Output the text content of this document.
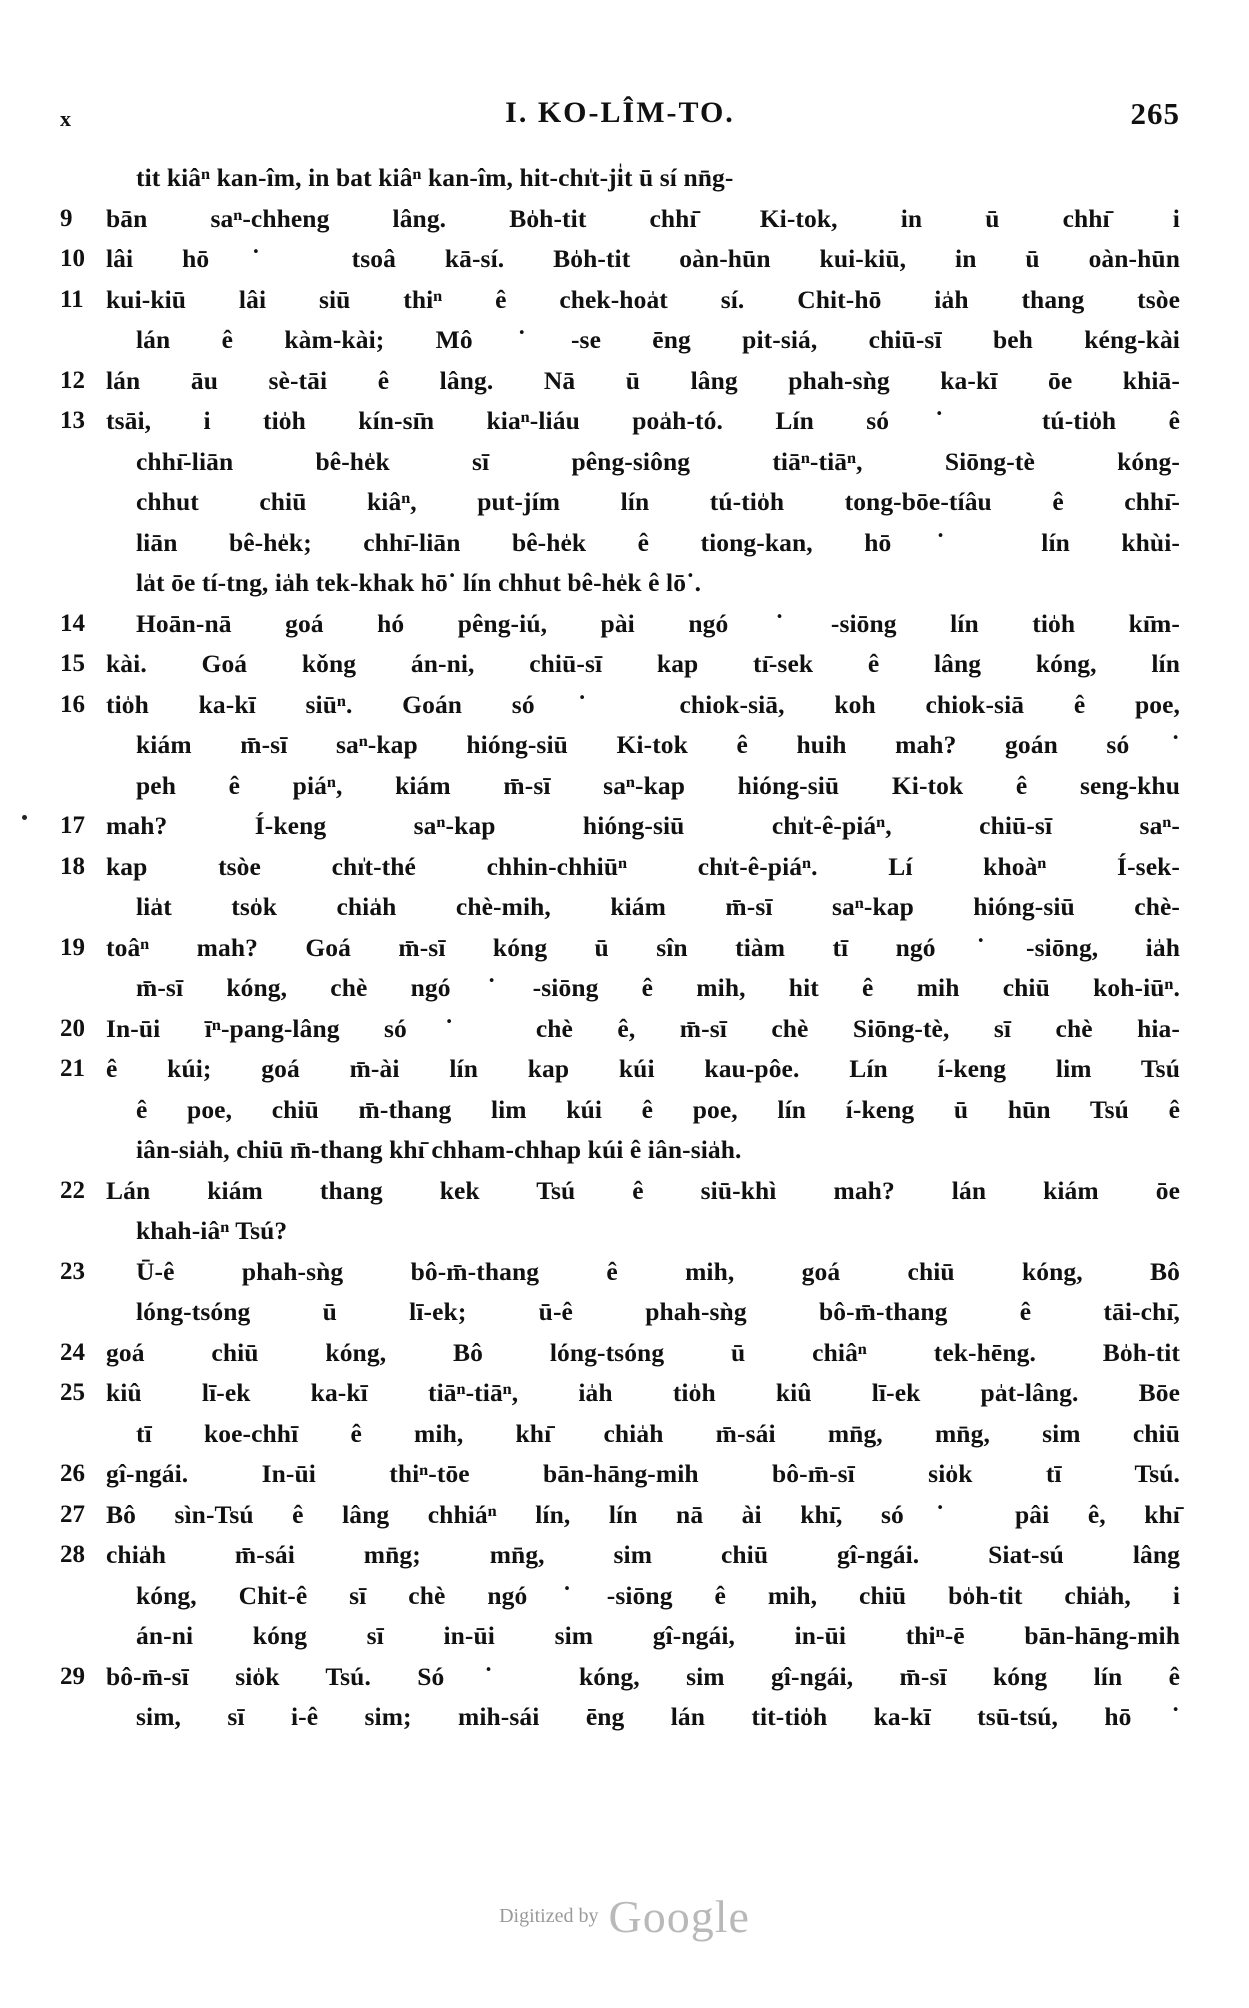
x	I. KO-LÎM-TO.	265
tit kiâⁿ kan-îm, in bat kiâⁿ kan-îm, hit-chı̍t-ji̍t ū sí nn̄g-
9	bān saⁿ-chheng lâng. Bo̍h-tit chhı̄ Ki-tok, in ū chhı̄ i
10 lâi hō˙ tsoâ kā-sí. Bo̍h-tit oàn-hūn kui-kiū, in ū oàn-hūn
11 kui-kiū lâi siū thiⁿ ê chek-hoa̍t sí. Chit-hō ia̍h thang tsòe
lán ê kàm-kài; Mô˙-se ēng pit-siá, chiū-sī beh kéng-kài
12 lán āu sè-tāi ê lâng. Nā ū lâng phah-sǹg ka-kī ōe khiā-
13 tsāi, i tio̍h kín-sı̄n kiaⁿ-liáu poa̍h-tó. Lín só˙ tú-tio̍h ê
chhı̄-liān bê-he̍k sī pêng-siông tiāⁿ-tiāⁿ, Siōng-tè kóng-
chhut chiū kiâⁿ, put-jím lín tú-tio̍h tong-bōe-tíâu ê chhı̄-
liān bê-he̍k; chhı̄-liān bê-he̍k ê tiong-kan, hō˙ lín khùi-
la̍t ōe tí-tng, ia̍h tek-khak hō˙ lín chhut bê-he̍k ê lō˙.
14	Hoān-nā goá hó pêng-iú, pài ngó˙-siōng lín tio̍h kı̄m-
15 kài. Goá kǒng án-ni, chiū-sī kap tı̄-sek ê lâng kóng, lín
16 tio̍h ka-kī siūⁿ. Goán só˙ chiok-siā, koh chiok-siā ê poe,
kiám m̄-sī saⁿ-kap hióng-siū Ki-tok ê huih mah? goán só˙
peh ê piáⁿ, kiám m̄-sī saⁿ-kap hióng-siū Ki-tok ê seng-khu
17 mah? Í-keng saⁿ-kap hióng-siū chı̍t-ê-piáⁿ, chiū-sī saⁿ-
18 kap tsòe chı̍t-thé chhin-chhiūⁿ chı̍t-ê-piáⁿ. Lí khoàⁿ Í-sek-
lia̍t tso̍k chia̍h chè-mih, kiám m̄-sī saⁿ-kap hióng-siū chè-
19 toâⁿ mah? Goá m̄-sī kóng ū sîn tiàm tī ngó˙-siōng, ia̍h
m̄-sī kóng, chè ngó˙-siōng ê mih, hit ê mih chiū koh-iūⁿ.
20 In-ūi īⁿ-pang-lâng só˙ chè ê, m̄-sī chè Siōng-tè, sī chè hia-
21 ê kúi; goá m̄-ài lín kap kúi kau-pôe. Lín í-keng lim Tsú
ê poe, chiū m̄-thang lim kúi ê poe, lín í-keng ū hūn Tsú ê
iân-sia̍h, chiū m̄-thang khı̄ chham-chhap kúi ê iân-sia̍h.
22 Lán kiám thang kek Tsú ê siū-khì mah? lán kiám ōe
khah-iâⁿ Tsú?
23	Ū-ê phah-sǹg bô-m̄-thang ê mih, goá chiū kóng, Bô
lóng-tsóng ū lī-ek; ū-ê phah-sǹg bô-m̄-thang ê tāi-chı̄,
24 goá chiū kóng, Bô lóng-tsóng ū chiâⁿ tek-hēng. Bo̍h-tit
25 kiû lī-ek ka-kī tiāⁿ-tiāⁿ, ia̍h tio̍h kiû lī-ek pa̍t-lâng. Bōe
tī koe-chhī ê mih, khı̄ chia̍h m̄-sái mn̄g, mn̄g, sim chiū
26 gî-ngái. In-ūi thiⁿ-tōe bān-hāng-mih bô-m̄-sī sio̍k tī Tsú.
27 Bô sìn-Tsú ê lâng chhiáⁿ lín, lín nā ài khı̄, só˙ pâi ê, khı̄
28 chia̍h m̄-sái mn̄g; mn̄g, sim chiū gî-ngái. Siat-sú lâng
kóng, Chit-ê sī chè ngó˙-siōng ê mih, chiū bo̍h-tit chia̍h, i
án-ni kóng sī in-ūi sim gî-ngái, in-ūi thiⁿ-ē bān-hāng-mih
29 bô-m̄-sī sio̍k Tsú. Só˙ kóng, sim gî-ngái, m̄-sī kóng lín ê
sim, sī i-ê sim; mih-sái ēng lán tit-tio̍h ka-kī tsū-tsú, hō˙
Digitized by Google
